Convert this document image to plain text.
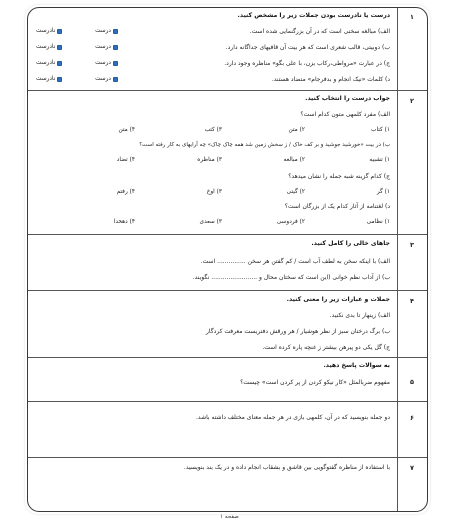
۱
درست یا نادرست بودن جملات زیر را مشخص کنید.
الف) مبالغه سخنی است که در آن بزرگنمایی شده است.
ب) دوبیتی، قالب شعری است که هر بیت آن قافیهای جداگانه دارد.
ج) در عبارت «مرواطی،رکاب بزن، با علی بگو» مناظره وجود دارد.
د) کلمات «نیک انجام و بدفرجام» متضاد هستند.
درست
نادرست
درست
نادرست
درست
نادرست
درست
نادرست
۲
جواب درست را انتخاب کنید.
الف) مفرد کلمهی متون کدام است؟
۱) کتاب
۲) متن
۳) کتب
۴) متن
ب) در بیت «خورشید جوشید و بر کف خاک / ز سخش زمین شد همه چاک چاک» چه آرایهای به کار رفته است؟
۱) تشبیه
۲) مبالغه
۳) مناظره
۴) تضاد
ج) کدام گزینه شبه جمله را نشان میدهد؟
۱) گر
۲) گیتی
۳) اوخ
۴) رفتم
د) لغتنامه از آثار کدام یک از بزرگان است؟
۱) نظامی
۲) فردوسی
۳) سعدی
۴) دهخدا
۳
جاهای خالی را کامل کنید.
الف) با اینکه سخن به لطف آب است / کم گفتن هر سخن ............... است.
ب) از آداب نظم خوانی (این است که سختان محال و ........................ نگویند.
۴
جملات و عبارات زیر را معنی کنید.
الف) زینهار تا بدی نکنید.
ب) برگ درختان سبز از نظر هوشیار / هر ورقش دفتریست معرفت کردگار
ج) گل یکی دو پیرهن بیشتر ز غنچه پاره کرده است.
۵
به سوالات پاسخ دهید.
مفهوم ضربالمثل «کار نیکو کردن از پر کردن است» چیست؟
۶
دو جمله بنویسید که در آن، کلمهی بازی در هر جمله معنای مختلف داشته باشد.
۷
با استفاده از مناظره گفتوگویی بین قاشق و بشقاب انجام داده و در یک بند بنویسید.
صفحه ۱
